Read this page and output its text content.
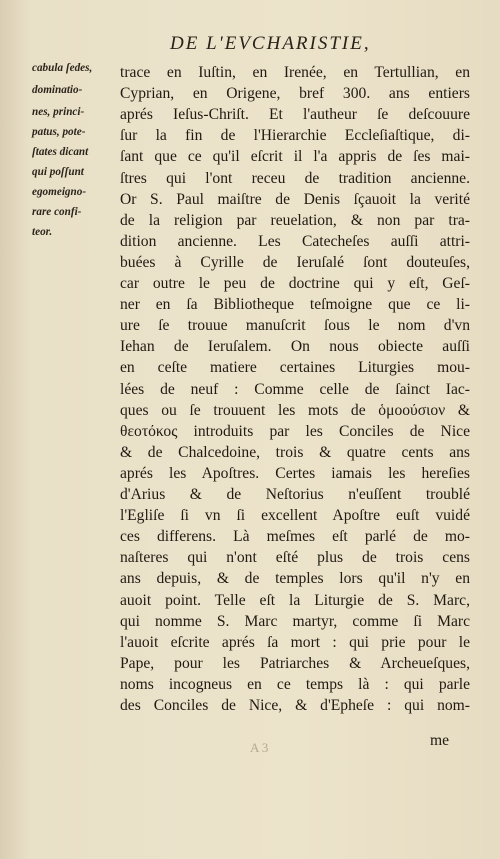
DE L'EVCHARISTIE,
cabula ſedes,
dominatio-
nes, princi-
patus, pote-
ſtates dicant
qui poſſunt
egomeigno-
rare confi-
teor.
trace en Iuſtin, en Irenée, en Tertullian, en
Cyprian, en Origene, bref 300. ans entiers
aprés Ieſus-Chriſt. Et l'autheur ſe deſcouure
ſur la fin de l'Hierarchie Eccleſiaſtique, di-
ſant que ce qu'il eſcrit il l'a appris de ſes mai-
ſtres qui l'ont receu de tradition ancienne.
Or S. Paul maiſtre de Denis ſçauoit la verité
de la religion par reuelation, & non par tra-
dition ancienne. Les Catecheſes auſſi attri-
buées à Cyrille de Ieruſalé ſont douteuſes,
car outre le peu de doctrine qui y eſt, Geſ-
ner en ſa Bibliotheque teſmoigne que ce li-
ure ſe trouue manuſcrit ſous le nom d'vn
Iehan de Ieruſalem. On nous obiecte auſſi
en ceſte matiere certaines Liturgies mou-
lées de neuf : Comme celle de ſainct Iac-
ques ou ſe trouuent les mots de ὁμοούσιον &
θεοτόκος introduits par les Conciles de Nice
& de Chalcedoine, trois & quatre cents ans
aprés les Apoſtres. Certes iamais les hereſies
d'Arius & de Neſtorius n'euſſent troublé
l'Egliſe ſi vn ſi excellent Apoſtre euſt vuidé
ces differens. Là meſmes eſt parlé de mo-
naſteres qui n'ont eſté plus de trois cens
ans depuis, & de temples lors qu'il n'y en
auoit point. Telle eſt la Liturgie de S. Marc,
qui nomme S. Marc martyr, comme ſi Marc
l'auoit eſcrite aprés ſa mort : qui prie pour le
Pape, pour les Patriarches & Archeueſques,
noms incogneus en ce temps là : qui parle
des Conciles de Nice, & d'Epheſe : qui nom-
me
A 3
